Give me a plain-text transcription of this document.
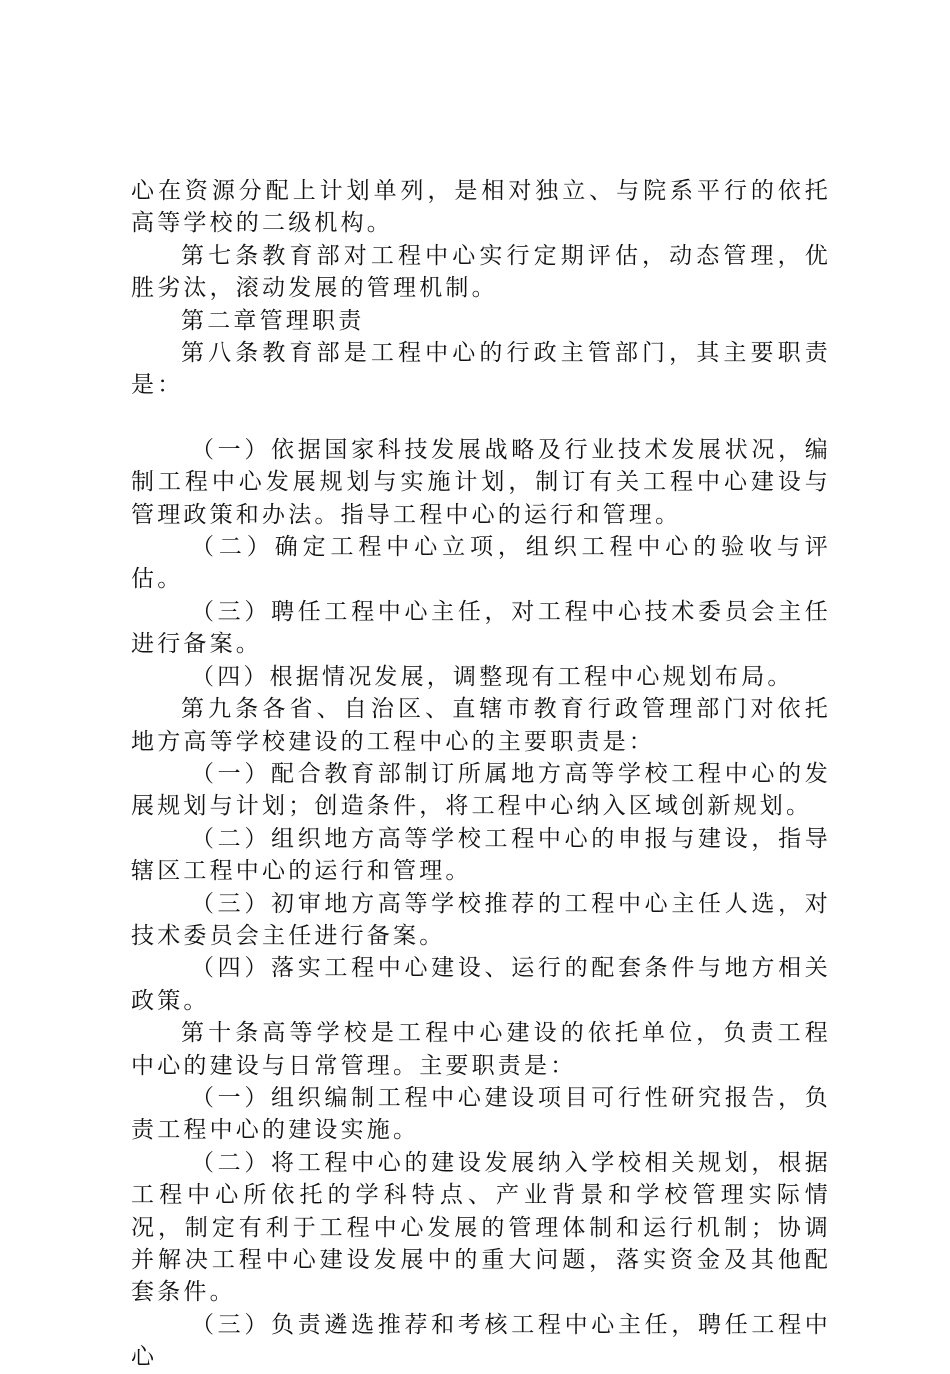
心在资源分配上计划单列，是相对独立、与院系平行的依托高等学校的二级机构。

第七条教育部对工程中心实行定期评估，动态管理，优胜劣汰，滚动发展的管理机制。

第二章管理职责

第八条教育部是工程中心的行政主管部门，其主要职责是：

（一）依据国家科技发展战略及行业技术发展状况，编制工程中心发展规划与实施计划，制订有关工程中心建设与管理政策和办法。指导工程中心的运行和管理。

（二）确定工程中心立项，组织工程中心的验收与评估。

（三）聘任工程中心主任，对工程中心技术委员会主任进行备案。

（四）根据情况发展，调整现有工程中心规划布局。

第九条各省、自治区、直辖市教育行政管理部门对依托地方高等学校建设的工程中心的主要职责是：

（一）配合教育部制订所属地方高等学校工程中心的发展规划与计划；创造条件，将工程中心纳入区域创新规划。

（二）组织地方高等学校工程中心的申报与建设，指导辖区工程中心的运行和管理。

（三）初审地方高等学校推荐的工程中心主任人选，对技术委员会主任进行备案。

（四）落实工程中心建设、运行的配套条件与地方相关政策。

第十条高等学校是工程中心建设的依托单位，负责工程中心的建设与日常管理。主要职责是：

（一）组织编制工程中心建设项目可行性研究报告，负责工程中心的建设实施。

（二）将工程中心的建设发展纳入学校相关规划，根据工程中心所依托的学科特点、产业背景和学校管理实际情况，制定有利于工程中心发展的管理体制和运行机制；协调并解决工程中心建设发展中的重大问题，落实资金及其他配套条件。

（三）负责遴选推荐和考核工程中心主任，聘任工程中心
